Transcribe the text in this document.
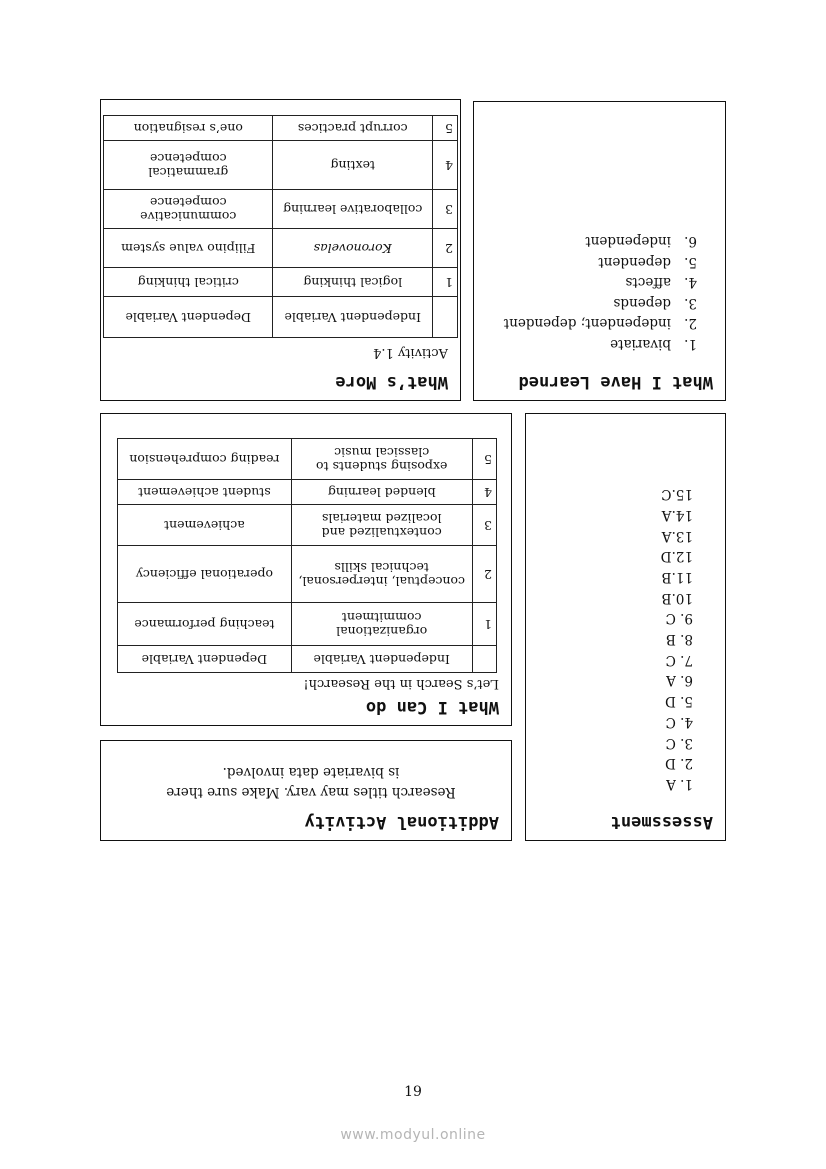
What I Have Learned
1.bivariate
2.independent; dependent
3.depends
4.affects
5.dependent
6.independent
What’s More
Activity 1.4
	Independent Variable	Dependent Variable
1	logical thinking	critical thinking
2	Koronovelas	Filipino value system
3	collaborative learning	communicative competence
4	texting	grammatical competence
5	corrupt practices	one’s resignation
Assessment
1. A
2. D
3. C
4. C
5. D
6. A
7. C
8. B
9. C
10.B
11.B
12.D
13.A
14.A
15.C
What I Can do
Let’s Search in the Research!
	Independent Variable	Dependent Variable
1	organizational commitment	teaching performance
2	conceptual, interpersonal, technical skills	operational efficiency
3	contextualized and localized materials	achievement
4	blended learning	student achievement
5	exposing students to classical music	reading comprehension
Additional Activity
Research titles may vary. Make sure there is bivariate data involved.
19
www.modyul.online
